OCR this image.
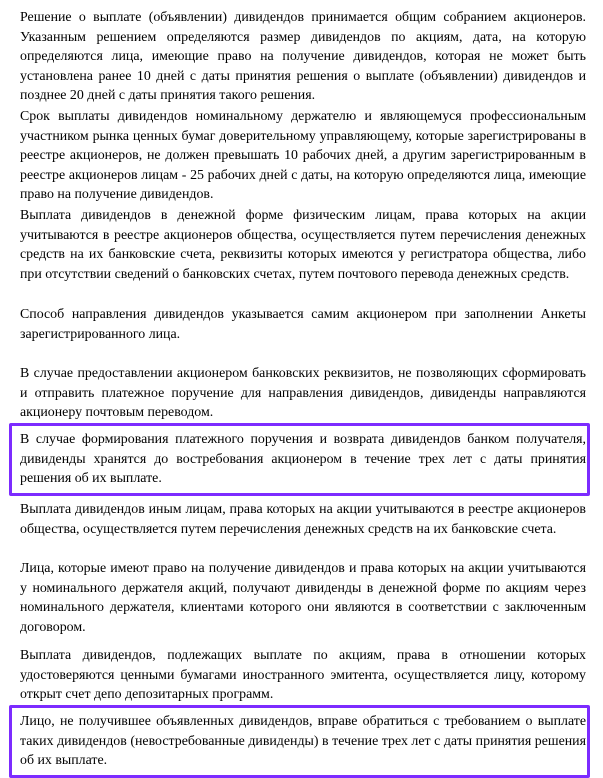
Решение о выплате (объявлении) дивидендов принимается общим собранием акционеров. Указанным решением определяются размер дивидендов по акциям, дата, на которую определяются лица, имеющие право на получение дивидендов, которая не может быть установлена ранее 10 дней с даты принятия решения о выплате (объявлении) дивидендов и позднее 20 дней с даты принятия такого решения.

Срок выплаты дивидендов номинальному держателю и являющемуся профессиональным участником рынка ценных бумаг доверительному управляющему, которые зарегистрированы в реестре акционеров, не должен превышать 10 рабочих дней, а другим зарегистрированным в реестре акционеров лицам - 25 рабочих дней с даты, на которую определяются лица, имеющие право на получение дивидендов.

Выплата дивидендов в денежной форме физическим лицам, права которых на акции учитываются в реестре акционеров общества, осуществляется путем перечисления денежных средств на их банковские счета, реквизиты которых имеются у регистратора общества, либо при отсутствии сведений о банковских счетах, путем почтового перевода денежных средств.

Способ направления дивидендов указывается самим акционером при заполнении Анкеты зарегистрированного лица.

В случае предоставлении акционером банковских реквизитов, не позволяющих сформировать и отправить платежное поручение для направления дивидендов, дивиденды направляются акционеру почтовым переводом.

В случае формирования платежного поручения и возврата дивидендов банком получателя, дивиденды хранятся до востребования акционером в течение трех лет с даты принятия решения об их выплате.

Выплата дивидендов иным лицам, права которых на акции учитываются в реестре акционеров общества, осуществляется путем перечисления денежных средств на их банковские счета.

Лица, которые имеют право на получение дивидендов и права которых на акции учитываются у номинального держателя акций, получают дивиденды в денежной форме по акциям через номинального держателя, клиентами которого они являются в соответствии с заключенным договором.

Выплата дивидендов, подлежащих выплате по акциям, права в отношении которых удостоверяются ценными бумагами иностранного эмитента, осуществляется лицу, которому открыт счет депо депозитарных программ.

Лицо, не получившее объявленных дивидендов, вправе обратиться с требованием о выплате таких дивидендов (невостребованные дивиденды) в течение трех лет с даты принятия решения об их выплате.
